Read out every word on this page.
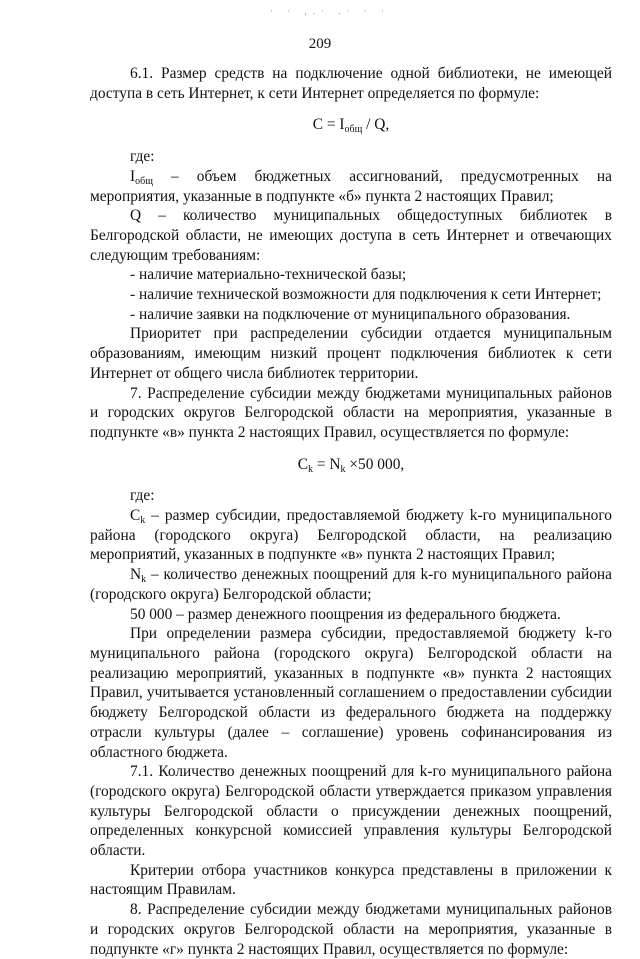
· · ,.· .· · ·
209

6.1. Размер средств на подключение одной библиотеки, не имеющей доступа в сеть Интернет, к сети Интернет определяется по формуле:

$C = I_{общ} / Q$,

где:

$I_{общ}$ – объем бюджетных ассигнований, предусмотренных на мероприятия, указанные в подпункте «б» пункта 2 настоящих Правил;

Q – количество муниципальных общедоступных библиотек в Белгородской области, не имеющих доступа в сеть Интернет и отвечающих следующим требованиям:

- наличие материально-технической базы;

- наличие технической возможности для подключения к сети Интернет;

- наличие заявки на подключение от муниципального образования.

Приоритет при распределении субсидии отдается муниципальным образованиям, имеющим низкий процент подключения библиотек к сети Интернет от общего числа библиотек территории.

7. Распределение субсидии между бюджетами муниципальных районов и городских округов Белгородской области на мероприятия, указанные в подпункте «в» пункта 2 настоящих Правил, осуществляется по формуле:

$C_k = N_k \times 50$ 000,

где:

$C_k$ – размер субсидии, предоставляемой бюджету k-го муниципального района (городского округа) Белгородской области, на реализацию мероприятий, указанных в подпункте «в» пункта 2 настоящих Правил;

$N_k$ – количество денежных поощрений для k-го муниципального района (городского округа) Белгородской области;

50 000 – размер денежного поощрения из федерального бюджета.

При определении размера субсидии, предоставляемой бюджету k-го муниципального района (городского округа) Белгородской области на реализацию мероприятий, указанных в подпункте «в» пункта 2 настоящих Правил, учитывается установленный соглашением о предоставлении субсидии бюджету Белгородской области из федерального бюджета на поддержку отрасли культуры (далее – соглашение) уровень софинансирования из областного бюджета.

7.1. Количество денежных поощрений для k-го муниципального района (городского округа) Белгородской области утверждается приказом управления культуры Белгородской области о присуждении денежных поощрений, определенных конкурсной комиссией управления культуры Белгородской области.

Критерии отбора участников конкурса представлены в приложении к настоящим Правилам.

8. Распределение субсидии между бюджетами муниципальных районов и городских округов Белгородской области на мероприятия, указанные в подпункте «г» пункта 2 настоящих Правил, осуществляется по формуле:
